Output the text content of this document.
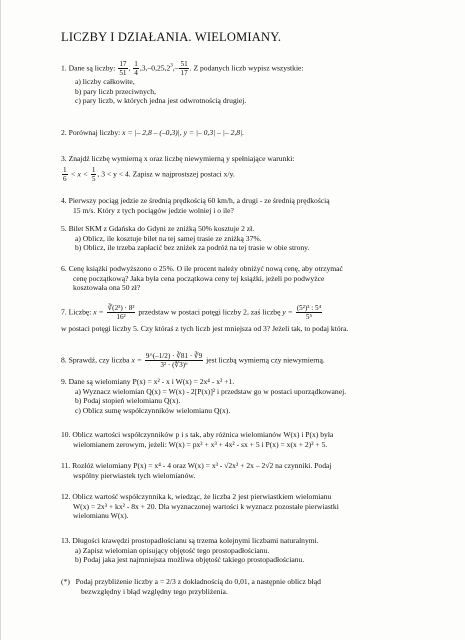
LICZBY I DZIAŁANIA. WIELOMIANY.
1. Dane są liczby: $\frac{17}{51}$ , $\frac{1}{4} ,3,-0,25,2^3,- \frac{51}{17}$ . Z podanych liczb wypisz wszystkie:
a) liczby całkowite,
b) pary liczb przeciwnych,
c) pary liczb, w których jedna jest odwrotnością drugiej.
2. Porównaj liczby: x = |– 2,8 – (–0,3)|, y = |– 0,3| – |– 2,8|.
3. Znajdź liczbę wymierną x oraz liczbę niewymierną y spełniające warunki:
$\frac{1}{6} < x < \frac{1}{5}$ , 3 < y < 4. Zapisz w najprostszej postaci x/y.
4. Pierwszy pociąg jedzie ze średnią prędkością 60 km/h, a drugi - ze średnią prędkością
15 m/s. Który z tych pociągów jedzie wolniej i o ile?
5. Bilet SKM z Gdańska do Gdyni ze zniżką 50% kosztuje 2 zł.
a) Oblicz, ile kosztuje bilet na tej samej trasie ze zniżką 37%.
b) Oblicz, ile trzeba zapłacić bez zniżek za podróż na tej trasie w obie strony.
6. Cenę książki podwyższono o 25%. O ile procent należy obniżyć nową cenę, aby otrzymać
cenę początkową? Jaka była cena początkowa ceny tej książki, jeżeli po podwyżce
kosztowała ona 50 zł?
7. Liczbę: $x = \frac{\text{∛(2²) · 8³}}{\text{16²}}$ przedstaw w postaci potęgi liczby 2, zaś liczbę $y = \frac{\text{(5²)³ : 5⁴}}{\text{5⁵}}$
w postaci potęgi liczby 5. Czy któraś z tych liczb jest mniejsza od 3? Jeżeli tak, to podaj która.
8. Sprawdź, czy liczba $x = \frac{9\^{}(-1/2) \cdot ∛81 \cdot ∛9}{\text{3² · (∜3)⁶}}$ jest liczbą wymierną czy niewymierną.
9. Dane są wielomiany P(x) = x² - x i W(x) = 2x⁴ - x² +1.
a) Wyznacz wielomian Q(x) = W(x) - 2[P(x)]² i przedstaw go w postaci uporządkowanej.
b) Podaj stopień wielomianu Q(x).
c) Oblicz sumę współczynników wielomianu Q(x).
10. Oblicz wartości współczynników p i s tak, aby różnica wielomianów W(x) i P(x) była
wielomianem zerowym, jeżeli: W(x) = px² + x³ + 4x² - sx + 5 i P(x) = x(x + 2)² + 5.
11. Rozłóż wielomiany P(x) = x⁴ - 4 oraz W(x) = x³ - √2x² + 2x – 2√2 na czynniki. Podaj
wspólny pierwiastek tych wielomianów.
12. Oblicz wartość współczynnika k, wiedząc, że liczba 2 jest pierwiastkiem wielomianu
W(x) = 2x³ + kx² - 8x + 20. Dla wyznaczonej wartości k wyznacz pozostałe pierwiastki
wielomianu W(x).
13. Długości krawędzi prostopadłościanu są trzema kolejnymi liczbami naturalnymi.
a) Zapisz wielomian opisujący objętość tego prostopadłościanu.
b) Podaj jaka jest najmniejsza możliwa objętość takiego prostopadłościanu.
(*) Podaj przybliżenie liczby a = 2/3 z dokładnością do 0,01, a następnie oblicz błąd
bezwzględny i błąd względny tego przybliżenia.
